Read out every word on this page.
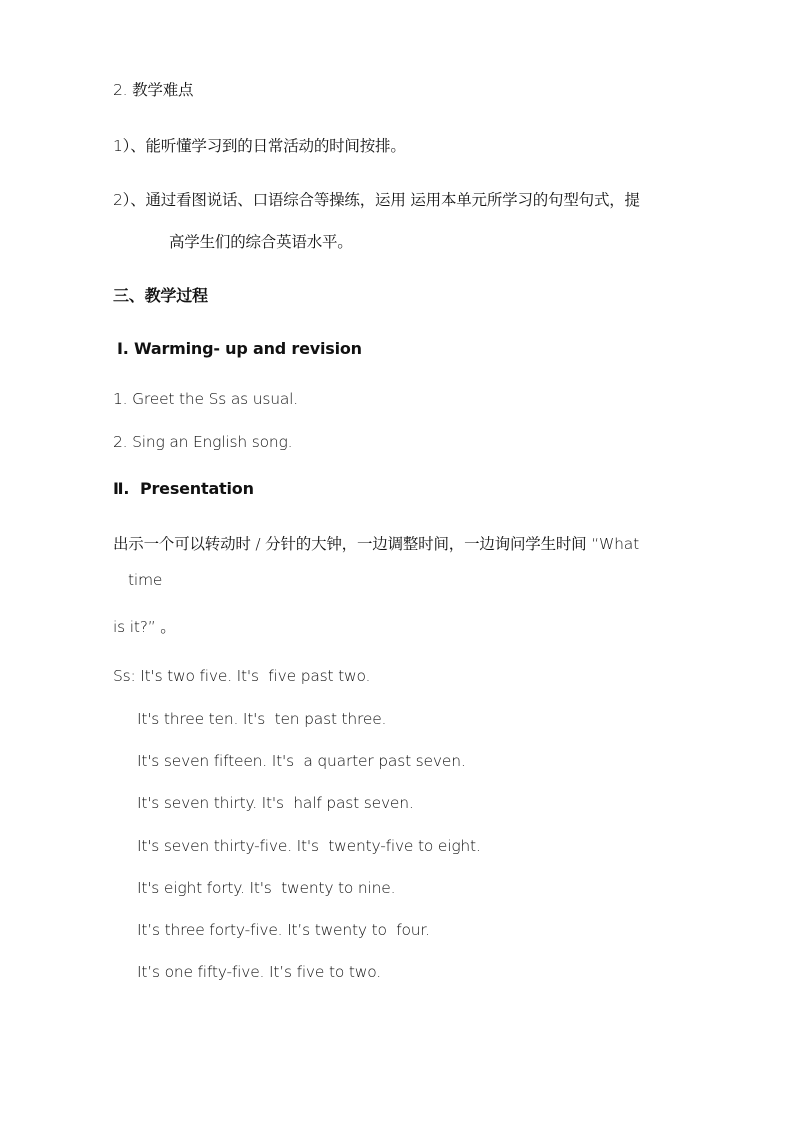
2. 教学难点
1）、能听懂学习到的日常活动的时间按排。
2）、通过看图说话、口语综合等操练，运用 运用本单元所学习的句型句式，提
高学生们的综合英语水平。
三、教学过程
Ⅰ. Warming- up and revision
1. Greet the Ss as usual.
2. Sing an English song.
Ⅱ.  Presentation
出示一个可以转动时 / 分针的大钟，一边调整时间，一边询问学生时间 “What
time
is it?” 。
Ss: It's two five. It's  five past two.
It's three ten. It's  ten past three.
It's seven fifteen. It's  a quarter past seven.
It's seven thirty. It's  half past seven.
It's seven thirty-five. It's  twenty-five to eight.
It's eight forty. It's  twenty to nine.
It’s three forty-five. It’s twenty to  four.
It’s one fifty-five. It’s five to two.
